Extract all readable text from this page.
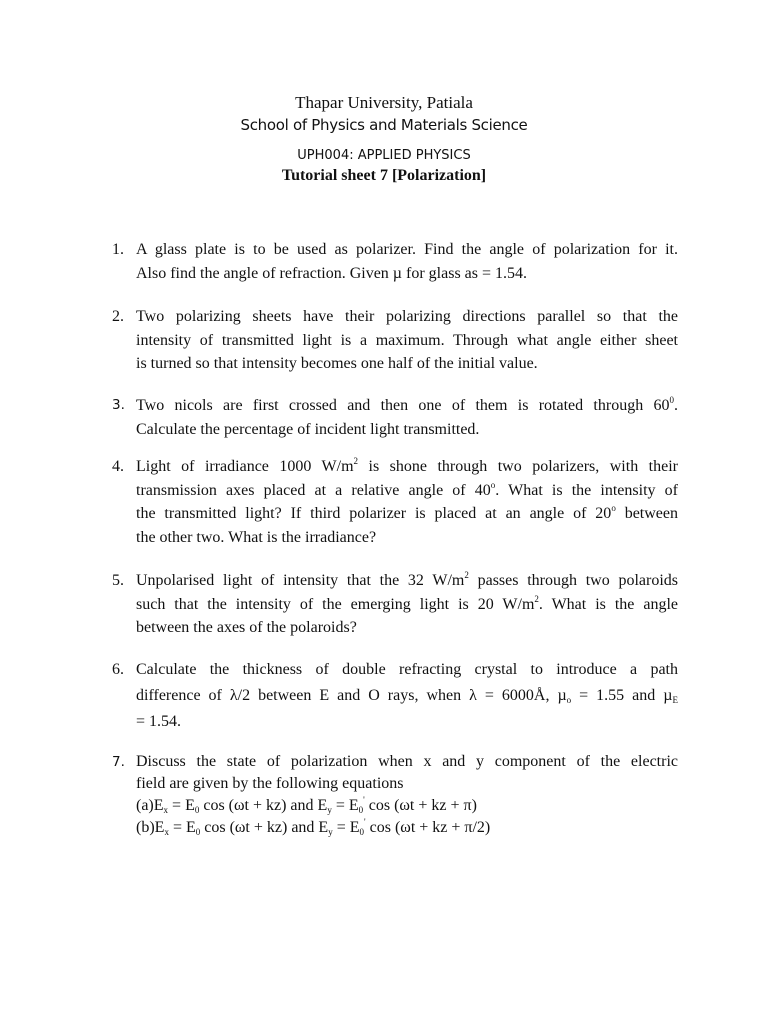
Thapar University, Patiala
School of Physics and Materials Science
UPH004: APPLIED PHYSICS
Tutorial sheet 7 [Polarization]
1. A glass plate is to be used as polarizer. Find the angle of polarization for it.
Also find the angle of refraction. Given µ for glass as = 1.54.
2. Two polarizing sheets have their polarizing directions parallel so that the
intensity of transmitted light is a maximum. Through what angle either sheet
is turned so that intensity becomes one half of the initial value.
3. Two nicols are first crossed and then one of them is rotated through $60^0$.
Calculate the percentage of incident light transmitted.
4. Light of irradiance 1000 $W/m^2$ is shone through two polarizers, with their
transmission axes placed at a relative angle of 40$^o$. What is the intensity of
the transmitted light? If third polarizer is placed at an angle of 20$^o$ between
the other two. What is the irradiance?
5. Unpolarised light of intensity that the 32 $W/m^2$ passes through two polaroids
such that the intensity of the emerging light is 20 $W/m^2$. What is the angle
between the axes of the polaroids?
6. Calculate the thickness of double refracting crystal to introduce a path
difference of λ/2 between E and O rays, when λ = 6000Å, µ$_o$ = 1.55 and µ$_E$
= 1.54.
7. Discuss the state of polarization when x and y component of the electric
field are given by the following equations
$(a)E_x = E_0$ cos (ωt + kz) and $E_y = E_0'$ cos (ωt + kz + π)
$(b)E_x = E_0$ cos (ωt + kz) and $E_y = E_0'$ cos (ωt + kz + π/2)
